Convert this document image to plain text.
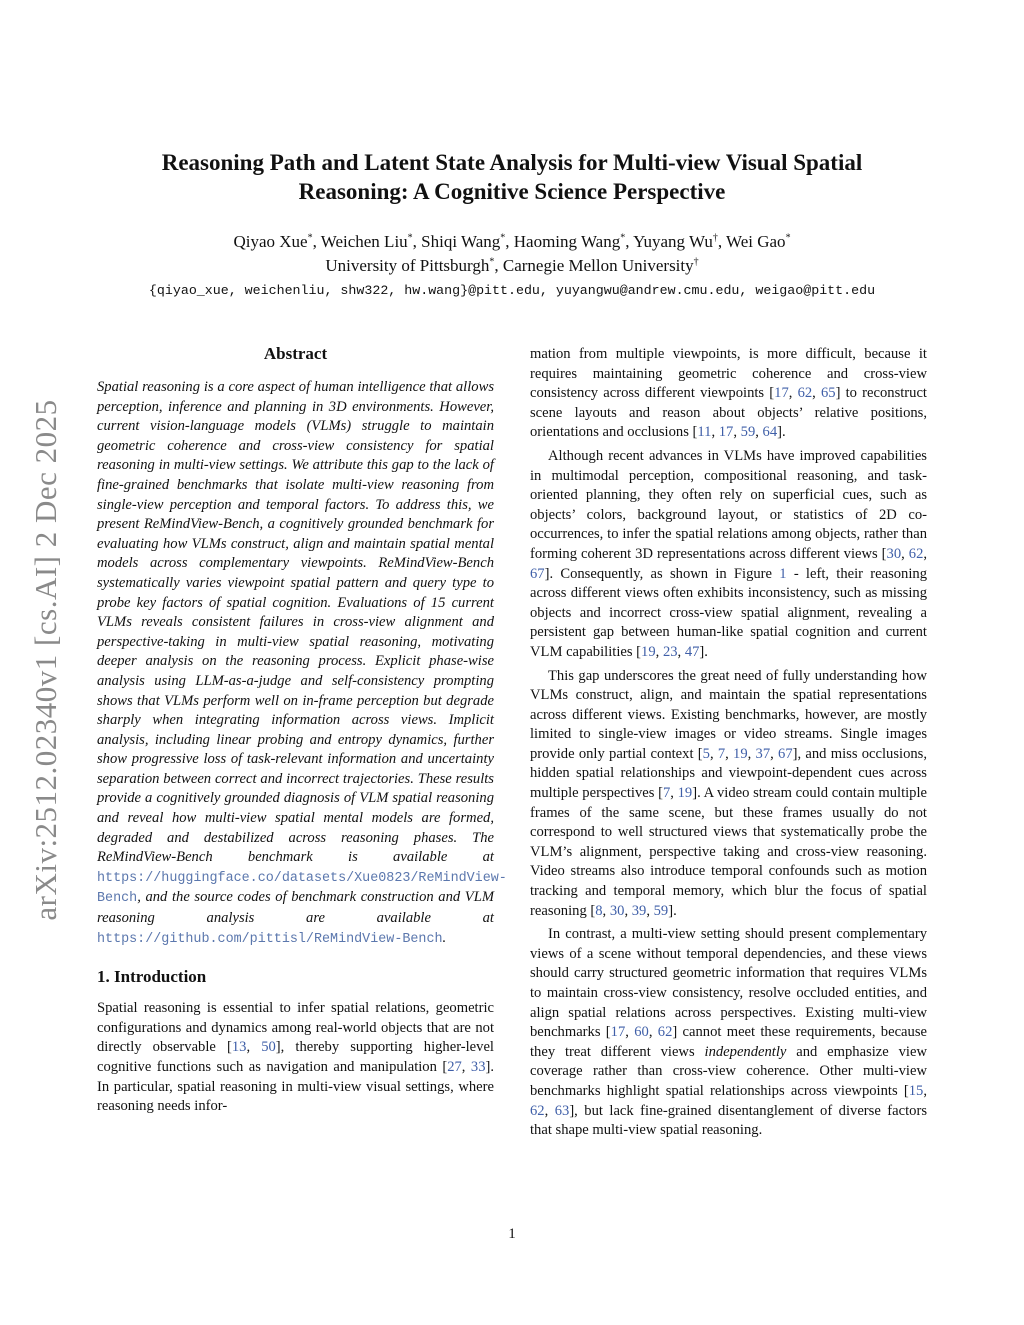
arXiv:2512.02340v1 [cs.AI] 2 Dec 2025
Reasoning Path and Latent State Analysis for Multi-view Visual Spatial
Reasoning: A Cognitive Science Perspective
Qiyao Xue*, Weichen Liu*, Shiqi Wang*, Haoming Wang*, Yuyang Wu†, Wei Gao*
University of Pittsburgh*, Carnegie Mellon University†
{qiyao_xue, weichenliu, shw322, hw.wang}@pitt.edu, yuyangwu@andrew.cmu.edu, weigao@pitt.edu
Abstract

Spatial reasoning is a core aspect of human intelligence that allows perception, inference and planning in 3D environments. However, current vision-language models (VLMs) struggle to maintain geometric coherence and cross-view consistency for spatial reasoning in multi-view settings. We attribute this gap to the lack of fine-grained benchmarks that isolate multi-view reasoning from single-view perception and temporal factors. To address this, we present ReMindView-Bench, a cognitively grounded benchmark for evaluating how VLMs construct, align and maintain spatial mental models across complementary viewpoints. ReMindView-Bench systematically varies viewpoint spatial pattern and query type to probe key factors of spatial cognition. Evaluations of 15 current VLMs reveals consistent failures in cross-view alignment and perspective-taking in multi-view spatial reasoning, motivating deeper analysis on the reasoning process. Explicit phase-wise analysis using LLM-as-a-judge and self-consistency prompting shows that VLMs perform well on in-frame perception but degrade sharply when integrating information across views. Implicit analysis, including linear probing and entropy dynamics, further show progressive loss of task-relevant information and uncertainty separation between correct and incorrect trajectories. These results provide a cognitively grounded diagnosis of VLM spatial reasoning and reveal how multi-view spatial mental models are formed, degraded and destabilized across reasoning phases. The ReMindView-Bench benchmark is available at https://huggingface.co/datasets/Xue0823/ReMindView-Bench, and the source codes of benchmark construction and VLM reasoning analysis are available at https://github.com/pittisl/ReMindView-Bench.

1. Introduction

Spatial reasoning is essential to infer spatial relations, geometric configurations and dynamics among real-world objects that are not directly observable [13, 50], thereby supporting higher-level cognitive functions such as navigation and manipulation [27, 33]. In particular, spatial reasoning in multi-view visual settings, where reasoning needs infor-

mation from multiple viewpoints, is more difficult, because it requires maintaining geometric coherence and cross-view consistency across different viewpoints [17, 62, 65] to reconstruct scene layouts and reason about objects’ relative positions, orientations and occlusions [11, 17, 59, 64].

Although recent advances in VLMs have improved capabilities in multimodal perception, compositional reasoning, and task-oriented planning, they often rely on superficial cues, such as objects’ colors, background layout, or statistics of 2D co-occurrences, to infer the spatial relations among objects, rather than forming coherent 3D representations across different views [30, 62, 67]. Consequently, as shown in Figure 1 - left, their reasoning across different views often exhibits inconsistency, such as missing objects and incorrect cross-view spatial alignment, revealing a persistent gap between human-like spatial cognition and current VLM capabilities [19, 23, 47].

This gap underscores the great need of fully understanding how VLMs construct, align, and maintain the spatial representations across different views. Existing benchmarks, however, are mostly limited to single-view images or video streams. Single images provide only partial context [5, 7, 19, 37, 67], and miss occlusions, hidden spatial relationships and viewpoint-dependent cues across multiple perspectives [7, 19]. A video stream could contain multiple frames of the same scene, but these frames usually do not correspond to well structured views that systematically probe the VLM’s alignment, perspective taking and cross-view reasoning. Video streams also introduce temporal confounds such as motion tracking and temporal memory, which blur the focus of spatial reasoning [8, 30, 39, 59].

In contrast, a multi-view setting should present complementary views of a scene without temporal dependencies, and these views should carry structured geometric information that requires VLMs to maintain cross-view consistency, resolve occluded entities, and align spatial relations across perspectives. Existing multi-view benchmarks [17, 60, 62] cannot meet these requirements, because they treat different views independently and emphasize view coverage rather than cross-view coherence. Other multi-view benchmarks highlight spatial relationships across viewpoints [15, 62, 63], but lack fine-grained disentanglement of diverse factors that shape multi-view spatial reasoning.

1
